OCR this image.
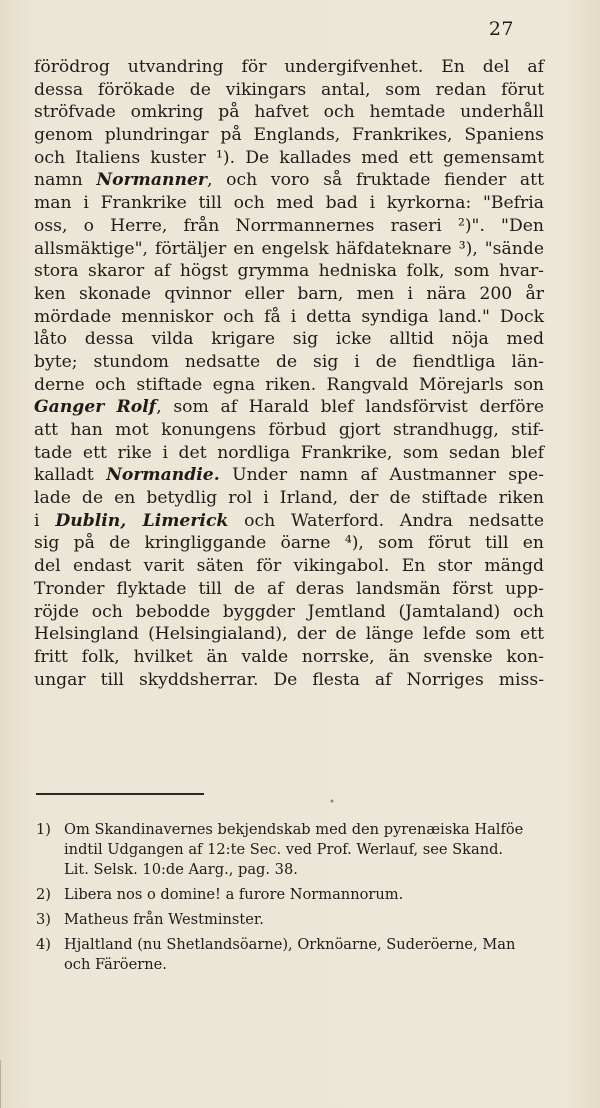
27
förödrog utvandring för undergifvenhet. En del af
dessa förökade de vikingars antal, som redan förut
ströfvade omkring på hafvet och hemtade underhåll
genom plundringar på Englands, Frankrikes, Spaniens
och Italiens kuster ¹). De kallades med ett gemensamt
namn Normanner, och voro så fruktade fiender att
man i Frankrike till och med bad i kyrkorna: "Befria
oss, o Herre, från Norrmannernes raseri ²)". "Den
allsmäktige", förtäljer en engelsk häfdateknare ³), "sände
stora skaror af högst grymma hedniska folk, som hvar-
ken skonade qvinnor eller barn, men i nära 200 år
mördade menniskor och få i detta syndiga land." Dock
låto dessa vilda krigare sig icke alltid nöja med
byte; stundom nedsatte de sig i de fiendtliga län-
derne och stiftade egna riken. Rangvald Mörejarls son
Ganger Rolf, som af Harald blef landsförvist derföre
att han mot konungens förbud gjort strandhugg, stif-
tade ett rike i det nordliga Frankrike, som sedan blef
kalladt Normandie. Under namn af Austmanner spe-
lade de en betydlig rol i Irland, der de stiftade riken
i Dublin, Limerick och Waterford. Andra nedsatte
sig på de kringliggande öarne ⁴), som förut till en
del endast varit säten för vikingabol. En stor mängd
Tronder flyktade till de af deras landsmän först upp-
röjde och bebodde byggder Jemtland (Jamtaland) och
Helsingland (Helsingialand), der de länge lefde som ett
fritt folk, hvilket än valde norrske, än svenske kon-
ungar till skyddsherrar. De flesta af Norriges miss-
•
1) Om Skandinavernes bekjendskab med den pyrenæiska Halföe
indtil Udgangen af 12:te Sec. ved Prof. Werlauf, see Skand.
Lit. Selsk. 10:de Aarg., pag. 38.
2) Libera nos o domine! a furore Normannorum.
3) Matheus från Westminster.
4) Hjaltland (nu Shetlandsöarne), Orknöarne, Suderöerne, Man
och Färöerne.
